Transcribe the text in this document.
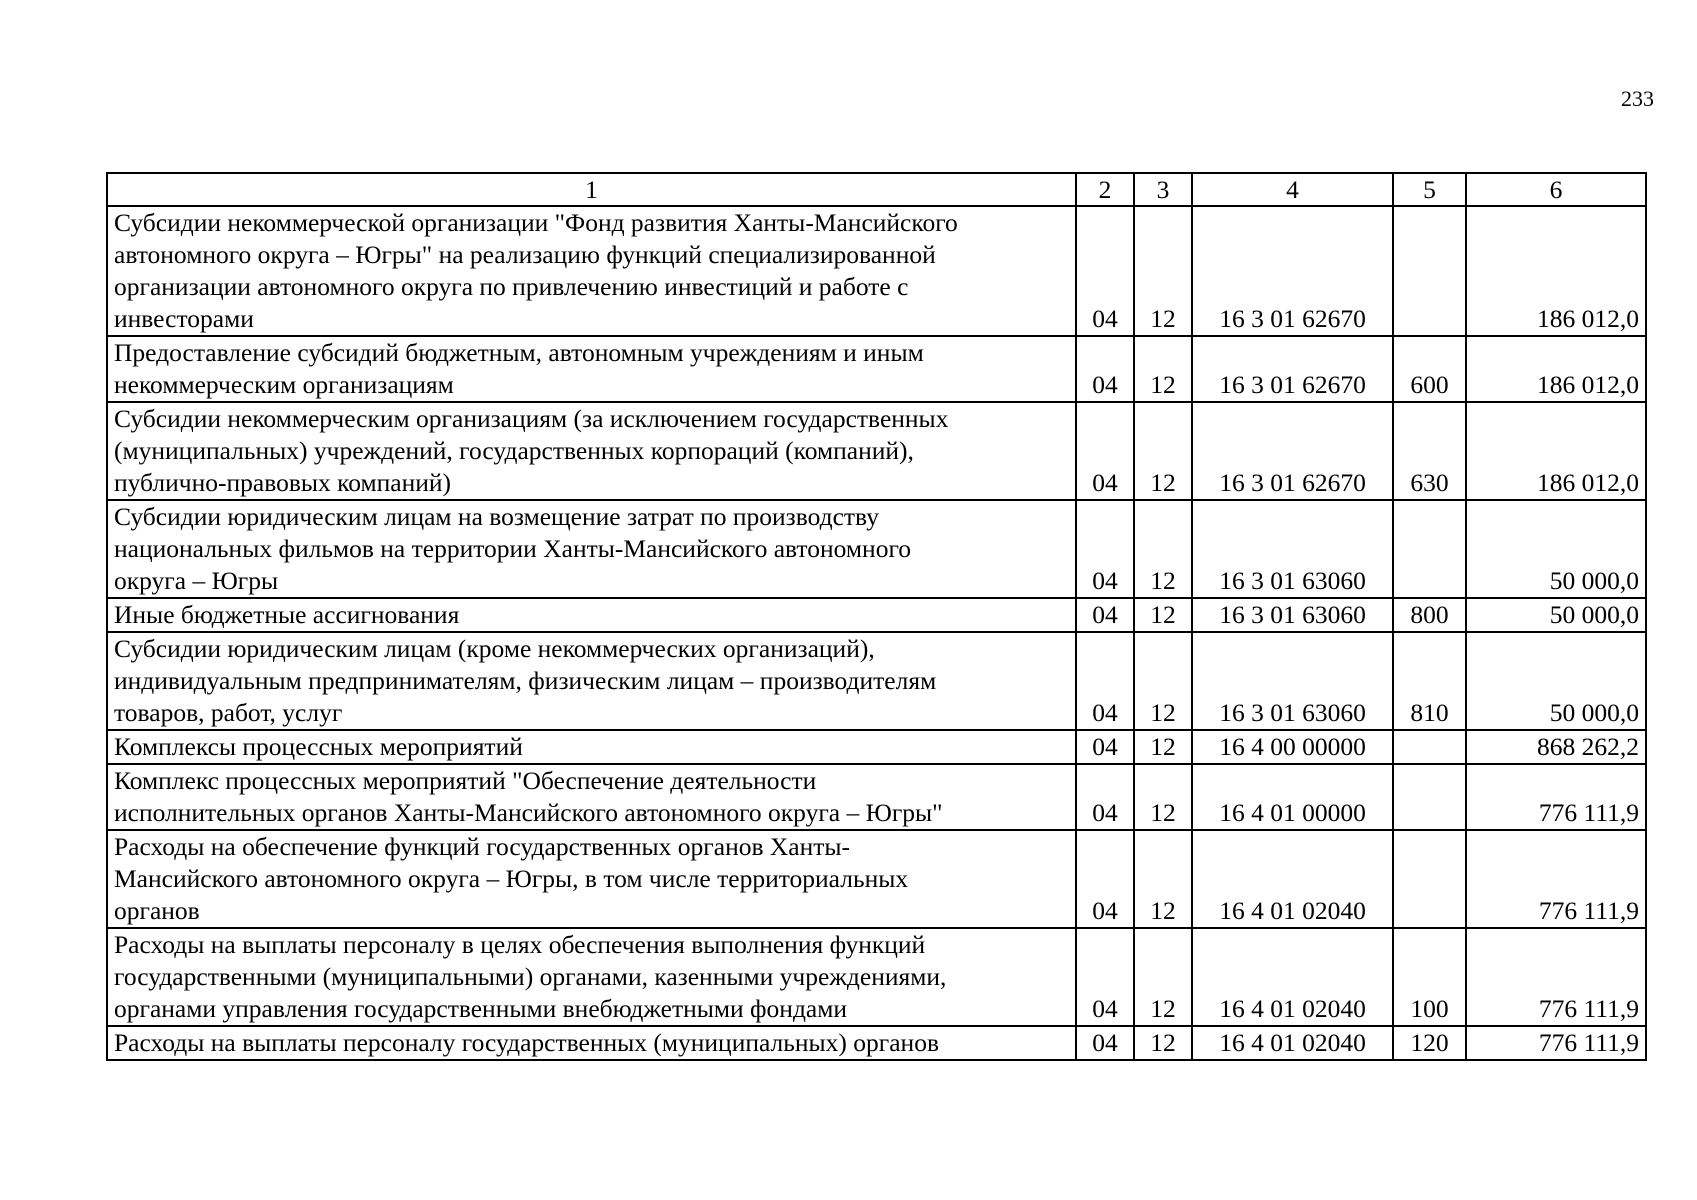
233
1	2	3	4	5	6

Субсидии некоммерческой организации "Фонд развития Ханты-Мансийского
автономного округа – Югры" на реализацию функций специализированной
организации автономного округа по привлечению инвестиций и работе с
инвесторами	04	12	16 3 01 62670		186 012,0

Предоставление субсидий бюджетным, автономным учреждениям и иным
некоммерческим организациям	04	12	16 3 01 62670	600	186 012,0

Субсидии некоммерческим организациям (за исключением государственных
(муниципальных) учреждений, государственных корпораций (компаний),
публично-правовых компаний)	04	12	16 3 01 62670	630	186 012,0

Субсидии юридическим лицам на возмещение затрат по производству
национальных фильмов на территории Ханты-Мансийского автономного
округа – Югры	04	12	16 3 01 63060		50 000,0

Иные бюджетные ассигнования	04	12	16 3 01 63060	800	50 000,0

Субсидии юридическим лицам (кроме некоммерческих организаций),
индивидуальным предпринимателям, физическим лицам – производителям
товаров, работ, услуг	04	12	16 3 01 63060	810	50 000,0

Комплексы процессных мероприятий	04	12	16 4 00 00000		868 262,2

Комплекс процессных мероприятий "Обеспечение деятельности
исполнительных органов Ханты-Мансийского автономного округа – Югры"	04	12	16 4 01 00000		776 111,9

Расходы на обеспечение функций государственных органов Ханты-
Мансийского автономного округа – Югры, в том числе территориальных
органов	04	12	16 4 01 02040		776 111,9

Расходы на выплаты персоналу в целях обеспечения выполнения функций
государственными (муниципальными) органами, казенными учреждениями,
органами управления государственными внебюджетными фондами	04	12	16 4 01 02040	100	776 111,9

Расходы на выплаты персоналу государственных (муниципальных) органов	04	12	16 4 01 02040	120	776 111,9
